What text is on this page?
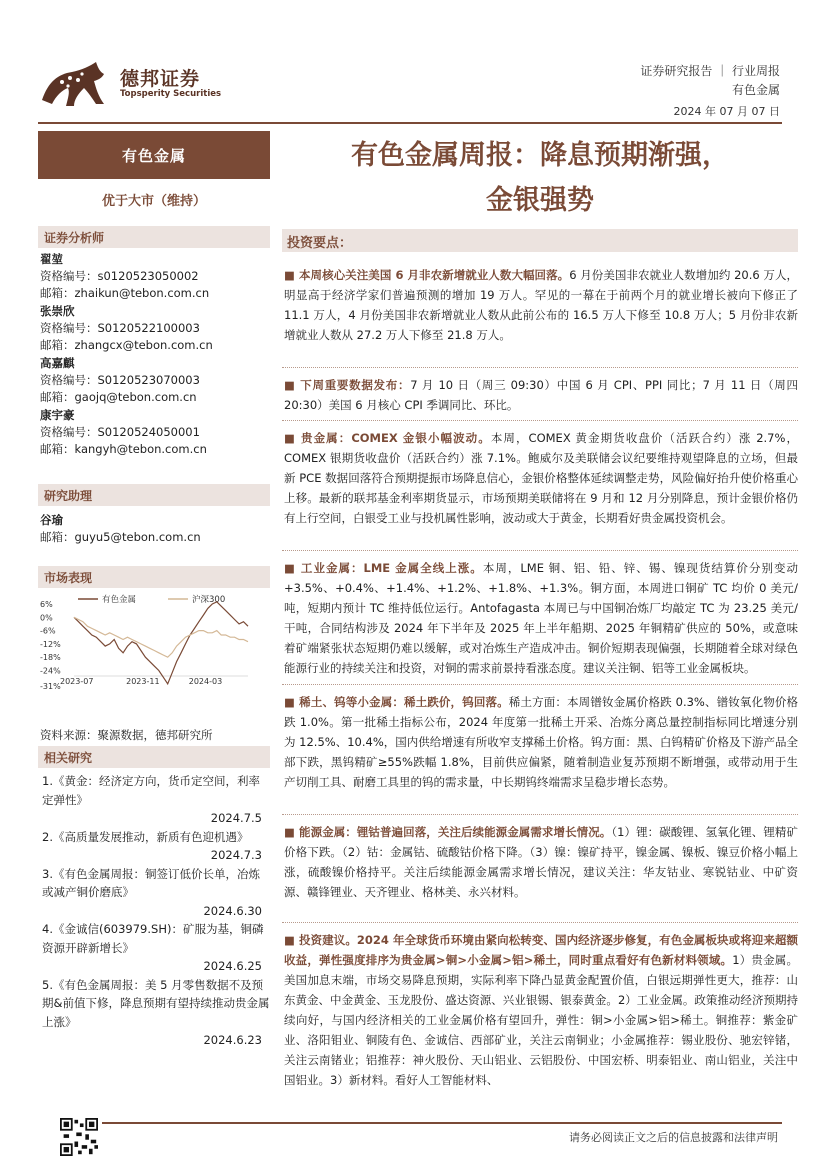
德邦证券
Topsperity Securities
证券研究报告 ｜ 行业周报
有色金属
2024 年 07 月 07 日
有色金属
优于大市（维持）
证券分析师
翟堃
资格编号：s0120523050002
邮箱：zhaikun@tebon.com.cn
张崇欣
资格编号：S0120522100003
邮箱：zhangcx@tebon.com.cn
高嘉麒
资格编号：S0120523070003
邮箱：gaojq@tebon.com.cn
康宇豪
资格编号：S0120524050001
邮箱：kangyh@tebon.com.cn
研究助理
谷瑜
邮箱：guyu5@tebon.com.cn
市场表现
有色金属	沪深300
6%
0%
-6%
-12%
-18%
-24%
-31%
2023-07	2023-11	2024-03
资料来源：聚源数据，德邦研究所
相关研究
1.《黄金：经济定方向，货币定空间，利率定弹性》
2024.7.5
2.《高质量发展推动，新质有色迎机遇》
2024.7.3
3.《有色金属周报：铜签订低价长单，冶炼或减产铜价磨底》
2024.6.30
4.《金诚信(603979.SH)：矿服为基，铜磷资源开辟新增长》
2024.6.25
5.《有色金属周报：美 5 月零售数据不及预期&前值下修，降息预期有望持续推动贵金属上涨》
2024.6.23
有色金属周报：降息预期渐强，
金银强势
投资要点：
■ 本周核心关注美国 6 月非农新增就业人数大幅回落。6 月份美国非农就业人数增加约 20.6 万人，明显高于经济学家们普遍预测的增加 19 万人。罕见的一幕在于前两个月的就业增长被向下修正了 11.1 万人，4 月份美国非农新增就业人数从此前公布的 16.5 万人下修至 10.8 万人；5 月份非农新增就业人数从 27.2 万人下修至 21.8 万人。
■ 下周重要数据发布：7 月 10 日（周三 09:30）中国 6 月 CPI、PPI 同比；7 月 11 日（周四 20:30）美国 6 月核心 CPI 季调同比、环比。
■ 贵金属：COMEX 金银小幅波动。本周，COMEX 黄金期货收盘价（活跃合约）涨 2.7%， COMEX 银期货收盘价（活跃合约）涨 7.1%。鲍威尔及美联储会议纪要维持观望降息的立场，但最新 PCE 数据回落符合预期提振市场降息信心，金银价格整体延续调整走势，风险偏好抬升使价格重心上移。最新的联邦基金利率期货显示，市场预期美联储将在 9 月和 12 月分别降息，预计金银价格仍有上行空间，白银受工业与投机属性影响，波动或大于黄金，长期看好贵金属投资机会。
■ 工业金属：LME 金属全线上涨。本周，LME 铜、铝、铅、锌、锡、镍现货结算价分别变动+3.5%、+0.4%、+1.4%、+1.2%、+1.8%、+1.3%。铜方面，本周进口铜矿 TC 均价 0 美元/吨，短期内预计 TC 维持低位运行。Antofagasta 本周已与中国铜冶炼厂均敲定 TC 为 23.25 美元/干吨，合同结构涉及 2024 年下半年及 2025 年上半年船期、2025 年铜精矿供应的 50%，或意味着矿端紧张状态短期仍难以缓解，或对冶炼生产造成冲击。铜价短期表现偏强，长期随着全球对绿色能源行业的持续关注和投资，对铜的需求前景持看涨态度。建议关注铜、铝等工业金属板块。
■ 稀土、钨等小金属：稀土跌价，钨回落。稀土方面：本周镨钕金属价格跌 0.3%、镨钕氧化物价格跌 1.0%。第一批稀土指标公布，2024 年度第一批稀土开采、冶炼分离总量控制指标同比增速分别为 12.5%、10.4%，国内供给增速有所收窄支撑稀土价格。钨方面：黑、白钨精矿价格及下游产品全部下跌，黑钨精矿≥55%跌幅 1.8%，目前供应偏紧，随着制造业复苏预期不断增强，或带动用于生产切削工具、耐磨工具里的钨的需求量，中长期钨终端需求呈稳步增长态势。
■ 能源金属：锂钴普遍回落，关注后续能源金属需求增长情况。（1）锂：碳酸锂、氢氧化锂、锂精矿价格下跌。（2）钴：金属钴、硫酸钴价格下降。（3）镍：镍矿持平，镍金属、镍板、镍豆价格小幅上涨，硫酸镍价格持平。关注后续能源金属需求增长情况，建议关注：华友钴业、寒锐钴业、中矿资源、赣锋锂业、天齐锂业、格林美、永兴材料。
■ 投资建议。2024 年全球货币环境由紧向松转变、国内经济逐步修复，有色金属板块或将迎来超额收益，弹性强度排序为贵金属>铜>小金属>铝>稀土，同时重点看好有色新材料领域。1）贵金属。美国加息末端，市场交易降息预期，实际利率下降凸显黄金配置价值，白银远期弹性更大，推荐：山东黄金、中金黄金、玉龙股份、盛达资源、兴业银锡、银泰黄金。2）工业金属。政策推动经济预期持续向好，与国内经济相关的工业金属价格有望回升，弹性：铜>小金属>铝>稀土。铜推荐：紫金矿业、洛阳钼业、铜陵有色、金诚信、西部矿业，关注云南铜业；小金属推荐：锡业股份、驰宏锌锗，关注云南锗业；铝推荐：神火股份、天山铝业、云铝股份、中国宏桥、明泰铝业、南山铝业，关注中国铝业。3）新材料。看好人工智能材料、
请务必阅读正文之后的信息披露和法律声明
